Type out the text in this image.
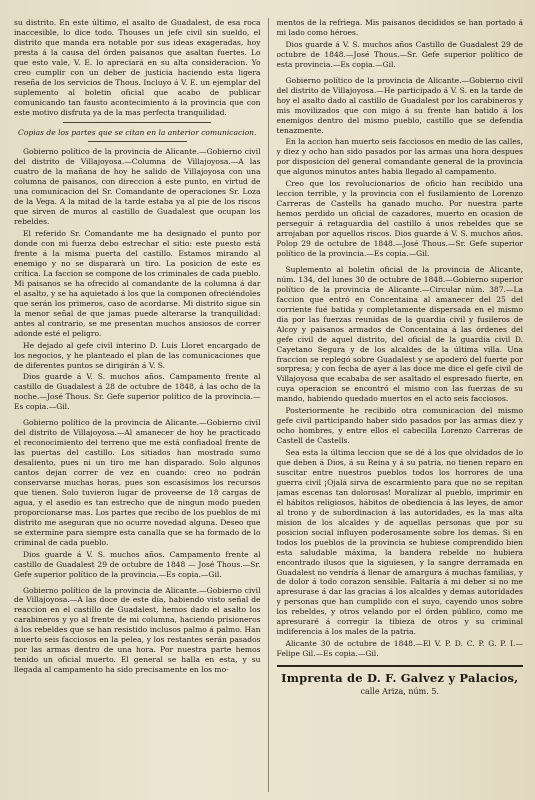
su distrito. En este último, el asalto de Guadalest, de esa roca inaccesible, lo dice todo. Thouses un jefe civil sin sueldo, el distrito que manda era notable por sus ideas exageradas, hoy presta á la causa del órden paisanos que asaltan fuertes. Lo que esto vale, V. E. lo apreciará en su alta consideracion. Yo creo cumplir con un deber de justicia haciendo esta ligera reseña de los servicios de Thous. Incluyo á V. E. un ejemplar del suplemento al boletin oficial que acabo de publicar comunicando tan fausto acontecimiento á la provincia que con este motivo disfruta ya de la mas perfecta tranquilidad.

Copias de los partes que se citan en la anterior comunicacion.

Gobierno político de la provincia de Alicante.—Gobierno civil del distrito de Villajoyosa.—Columna de Villajoyosa.—A las cuatro de la mañana de hoy he salido de Villajoyosa con una columna de paisanos, con direccion á este punto, en virtud de una comunicacion del Sr. Comandante de operaciones Sr. Loza de la Vega. A la mitad de la tarde estaba ya al pie de los riscos que sirven de muros al castillo de Guadalest que ocupan los rebeldes.

El referido Sr. Comandante me ha designado el punto por donde con mi fuerza debo estrechar el sitio: este puesto está frente á la misma puerta del castillo. Estamos mirando al enemigo y no se dispararà un tiro. La posicion de este es crítica. La faccion se compone de los criminales de cada pueblo. Mi paisanos se ha ofrecido al comandante de la columna á dar el asalto, y se ha aquietado á los que la componen ofreciéndoles que serán los primeros, caso de acordarse. Mi distrito sigue sin la menor señal de que jamas puede alterarse la tranquilidad: antes al contrario, se me presentan muchos ansiosos de correr adonde esté el peligro.

He dejado al gefe civil interino D. Luis Lloret encargado de los negocios, y he planteado el plan de las comunicaciones que de diferentes puntos se dirigirán á V. S.

Dios guarde á V. S. muchos años. Campamento frente al castillo de Guadalest á 28 de octubre de 1848, á las ocho de la noche.—José Thous. Sr. Gefe superior político de la provincia.—Es copia.—Gil.

Gobierno político de la provincia de Alicante.—Gobierno civil del distrito de Villajoyosa.—Al amanecer de hoy he practicado el reconocimiento del terreno que me está confiadoal frente de las puertas del castillo. Los sitiados han mostrado sumo desaliento, pues ni un tiro me han disparado. Solo algunos cantos dejan correr de vez en cuando: creo no podrán conservarse muchas horas, pues son escasísimos los recursos que tienen. Solo tuvieron lugar de proveerse de 18 cargas de agua, y el asedio es tan estrecho que de ningun modo pueden proporcionarse mas. Los partes que recibo de los pueblos de mi distrito me aseguran que no ocurre novedad alguna. Deseo que se extermine para siempre esta canalla que se ha formado de lo criminal de cada pueblo.

Dios guarde á V. S. muchos años. Campamento frente al castillo de Guadalest 29 de octubre de 1848 — José Thous.—Sr. Gefe superior político de la provincia.—Es copia.—Gil.

Gobierno político de la provincia de Alicante.—Gobierno civil de Villajoyosa.—A las doce de este día, habiendo visto señal de reaccion en el castillo de Guadalest, hemos dado el asalto los carabineros y yo al frente de mi columna, haciendo prisioneros á los rebeldes que se han resistido inclusos palmo á palmo. Han muerto seis facciosos en la pelea, y los restantes serán pasados por las armas dentro de una hora. Por nuestra parte hemos tenido un oficial muerto. El general se halla en esta, y su llegada al campamento ha sido precisamente en los mo-

mentos de la refriega. Mis paisanos decididos se han portado á mi lado como héroes.

Dios guarde á V. S. muchos años Castillo de Guadalest 29 de octubre de 1848.—José Thous.—Sr. Gefe superior político de esta provincia.—Es copia.—Gil.

Gobierno político de la provincia de Alicante.—Gobierno civil del distrito de Villajoyosa.—He participado á V. S. en la tarde de hoy el asalto dado al castillo de Guadalest por los carabineros y mis movilizados que con migo á su frente han batido á los enemigos dentro del mismo pueblo, castillo que se defendia tenazmente.

En la accion han muerto seis facciosos en medio de las calles, y diez y ocho han sido pasados por las armas una hora despues por disposicion del general comandante general de la provincia que algunos minutos antes habia llegado al campamento.

Creo que los revolucionarios de oficio han recibido una leccion terrible, y la provincia con el fusilamiento de Lorenzo Carreras de Castells ha ganado mucho. Por nuestra parte hemos perdido un oficial de cazadores, muerto en ocasion de perseguir á retaguardia del castillo á unos rebeldes que se arrojaban por aquellos riscos. Dios guarde á V. S. muchos años. Polop 29 de octubre de 1848.—José Thous.—Sr. Gefe superior político de la provincia.—Es copia.—Gil.

Suplemento al boletin oficial de la provincia de Alicante, núm. 134, del lunes 30 de octubre de 1848.—Gobierno superior político de la provincia de Alicante.—Circular núm. 387.—La faccion que entró en Concentaina al amanecer del 25 del corriente fué batida y completamente dispersada en el mismo dia por las fuerzas reunidas de la guardia civil y fusileros de Alcoy y paisanos armados de Concentaina á las órdenes del gefe civil de aquel distrito, del oficial de la guardia civil D. Cayetano Segura y de los alcaldes de la última villa. Una fraccion se replegó sobre Guadalest y se apoderó del fuerte por sorpresa; y con fecha de ayer á las doce me dice el gefe civil de Villajoyosa que ecababa de ser asaltado el espresado fuerte, en cuya operacion se encontró el mismo con las fuerzas de su mando, habiendo quedado muertos en el acto seis facciosos.

Posteriormente he recibido otra comunicacion del mismo gefe civil participando haber sido pasados por las armas diez y ocho hombres, y entre ellos el cabecilla Lorenzo Carreras de Castell de Castells.

Sea esta la última leccion que se dé á los que olvidados de lo que deben á Dios, á su Reina y á su patria, no tienen reparo en suscitar entre nuestros pueblos todos los horrores de una guerra civil ¡Ojalá sirva de escarmiento para que no se repitan jamas escenas tan dolorosas! Moralizar al pueblo, imprimir en él hábitos religiosos, hábitos de obediencia á las leyes, de amor al trono y de subordinacion á las autoridades, es la mas alta mision de los alcaldes y de aquellas personas que por su posicion social influyen poderosamente sobre los demas. Si en todos los pueblos de la provincia se hubiese comprendido bien esta saludable máxima, la bandera rebelde no hubiera encontrado ilusos que la siguiesen, y la sangre derramada en Guadalest no vendría á llenar de amargura á muchas familias, y de dolor á todo corazon sensible. Faltaría á mi deber si no me apresurase á dar las gracias á los alcaldes y demas autoridades y personas que han cumplido con el suyo, cayendo unos sobre los rebeldes, y otros velando por el órden público, como me apresuraré á corregir la tibieza de otros y su criminal indiferencia á los males de la patria.

Alicante 30 de octubre de 1848.—El V. P. D. C. P. G. P. I.—Felipe Gil.—Es copia.—Gil.

Imprenta de D. F. Galvez y Palacios,
calle Ariza, núm. 5.
